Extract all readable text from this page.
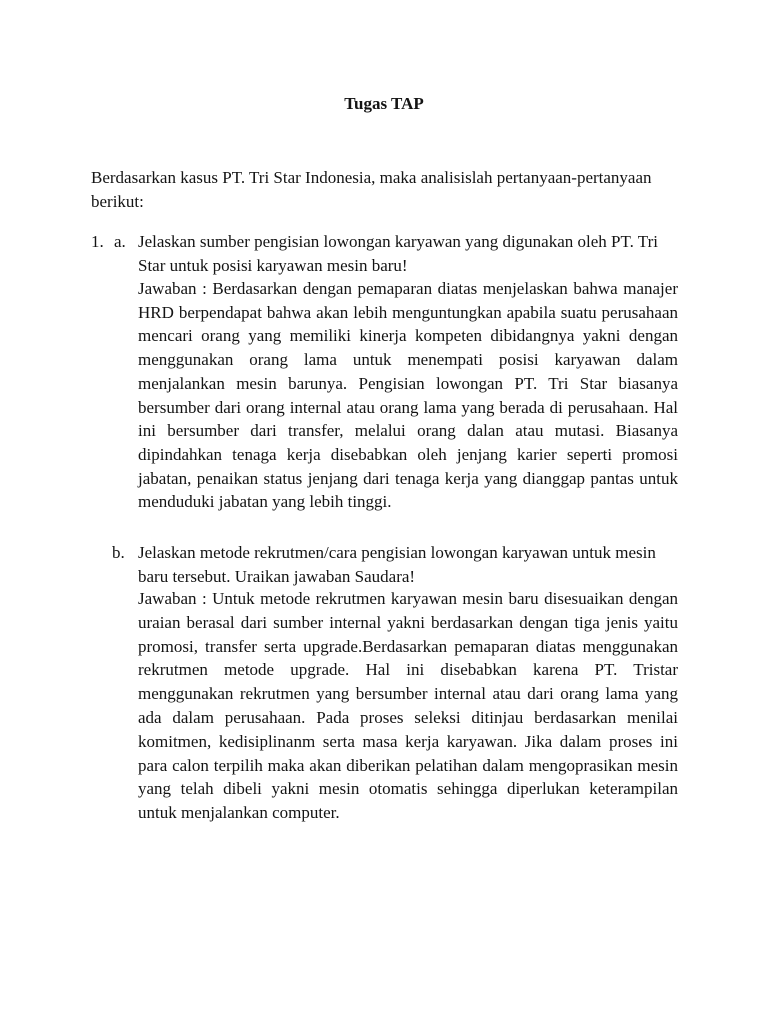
Tugas TAP
Berdasarkan kasus PT. Tri Star Indonesia, maka analisislah pertanyaan-pertanyaan berikut:
1. a. Jelaskan sumber pengisian lowongan karyawan yang digunakan oleh PT. Tri Star untuk posisi karyawan mesin baru!
Jawaban : Berdasarkan dengan pemaparan diatas menjelaskan bahwa manajer HRD berpendapat bahwa akan lebih menguntungkan apabila suatu perusahaan mencari orang yang memiliki kinerja kompeten dibidangnya yakni dengan menggunakan orang lama untuk menempati posisi karyawan dalam menjalankan mesin barunya. Pengisian lowongan PT. Tri Star biasanya bersumber dari orang internal atau orang lama yang berada di perusahaan. Hal ini bersumber dari transfer, melalui orang dalan atau mutasi. Biasanya dipindahkan tenaga kerja disebabkan oleh jenjang karier seperti promosi jabatan, penaikan status jenjang dari tenaga kerja yang dianggap pantas untuk menduduki jabatan yang lebih tinggi.
b. Jelaskan metode rekrutmen/cara pengisian lowongan karyawan untuk mesin baru tersebut. Uraikan jawaban Saudara!
Jawaban : Untuk metode rekrutmen karyawan mesin baru disesuaikan dengan uraian berasal dari sumber internal yakni berdasarkan dengan tiga jenis yaitu promosi, transfer serta upgrade.Berdasarkan pemaparan diatas menggunakan rekrutmen metode upgrade. Hal ini disebabkan karena PT. Tristar menggunakan rekrutmen yang bersumber internal atau dari orang lama yang ada dalam perusahaan. Pada proses seleksi ditinjau berdasarkan menilai komitmen, kedisiplinanm serta masa kerja karyawan. Jika dalam proses ini para calon terpilih maka akan diberikan pelatihan dalam mengoprasikan mesin yang telah dibeli yakni mesin otomatis sehingga diperlukan keterampilan untuk menjalankan computer.
